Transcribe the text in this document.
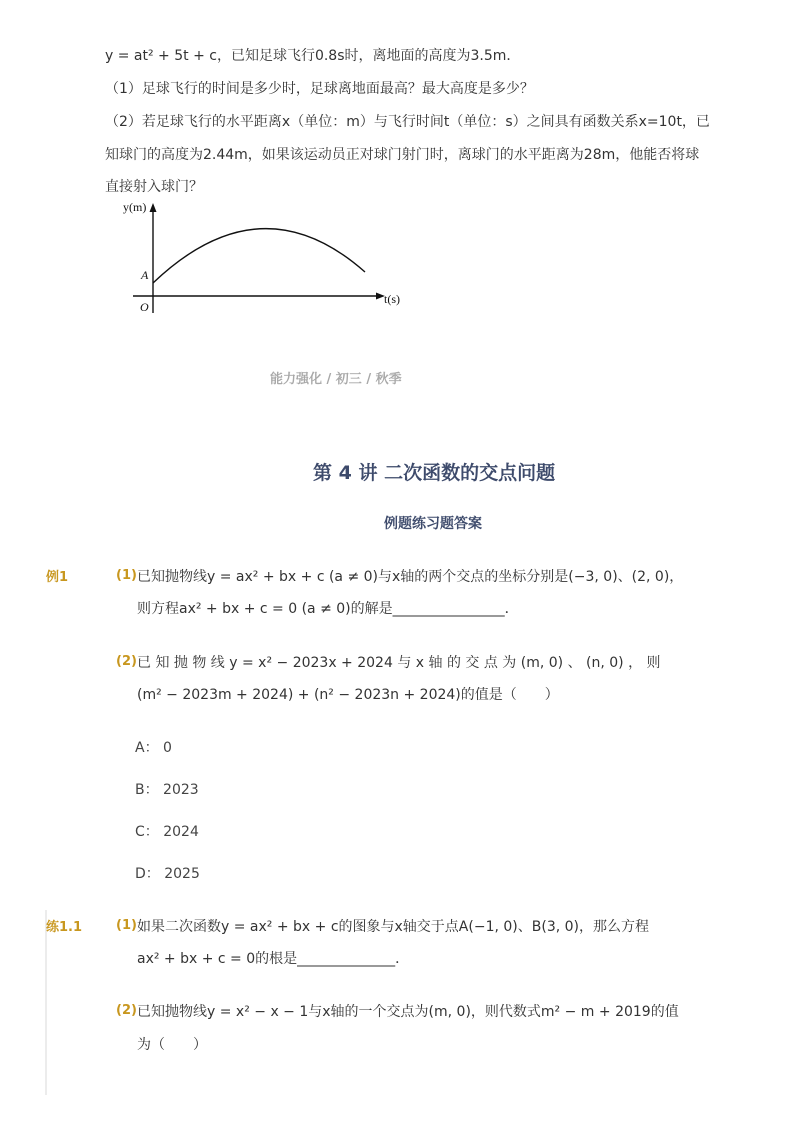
y = at² + 5t + c，已知足球飞行0.8s时，离地面的高度为3.5m．
（1）足球飞行的时间是多少时，足球离地面最高？最大高度是多少？
（2）若足球飞行的水平距离x（单位：m）与飞行时间t（单位：s）之间具有函数关系x=10t，已
知球门的高度为2.44m，如果该运动员正对球门射门时，离球门的水平距离为28m，他能否将球
直接射入球门？
y(m)
t(s)
A
O
能力强化 / 初三 / 秋季
第 4 讲 二次函数的交点问题
例题练习题答案
例1	(1) 已知抛物线y = ax² + bx + c (a ≠ 0)与x轴的两个交点的坐标分别是(−3, 0)、(2, 0)，
则方程ax² + bx + c = 0 (a ≠ 0)的解是________________．
(2) 已 知 抛 物 线 y = x² − 2023x + 2024 与 x 轴 的 交 点 为 (m, 0) 、 (n, 0) ， 则
(m² − 2023m + 2024) + (n² − 2023n + 2024)的值是（　　）
A： 0
B： 2023
C： 2024
D： 2025
练1.1	(1) 如果二次函数y = ax² + bx + c的图象与x轴交于点A(−1, 0)、B(3, 0)，那么方程
ax² + bx + c = 0的根是______________．
(2) 已知抛物线y = x² − x − 1与x轴的一个交点为(m, 0)，则代数式m² − m + 2019的值
为（　　）
